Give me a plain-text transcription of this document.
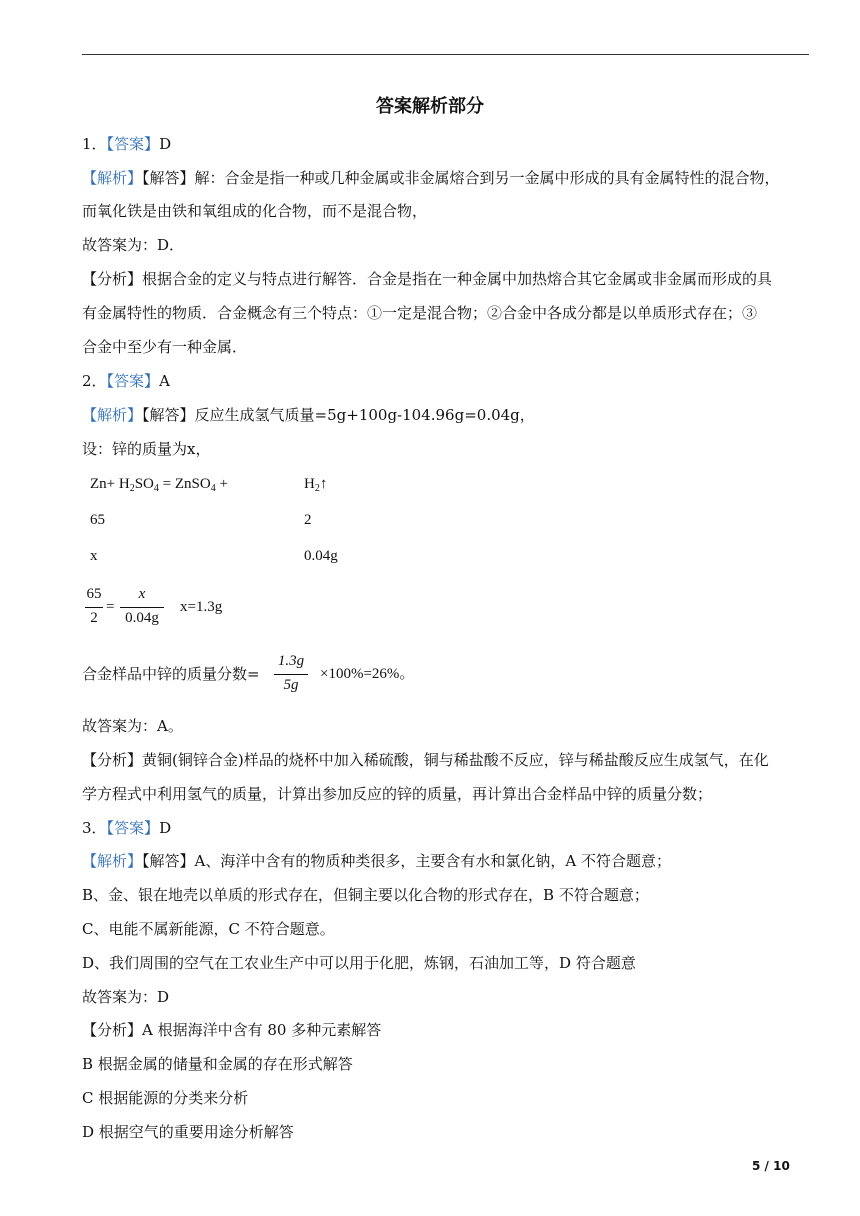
答案解析部分
1．【答案】D
【解析】【解答】解：合金是指一种或几种金属或非金属熔合到另一金属中形成的具有金属特性的混合物，
而氧化铁是由铁和氧组成的化合物，而不是混合物，
故答案为：D．
【分析】根据合金的定义与特点进行解答．合金是指在一种金属中加热熔合其它金属或非金属而形成的具
有金属特性的物质．合金概念有三个特点：①一定是混合物；②合金中各成分都是以单质形式存在；③
合金中至少有一种金属．
2．【答案】A
【解析】【解答】反应生成氢气质量=5g+100g-104.96g=0.04g，
设：锌的质量为x，
$Zn+ H_2SO_4$ = ZnSO$_4$ +	$H_2↑$
65	2
x	0.04g
65
2
=
x
0.04g
x=1.3g
合金样品中锌的质量分数=
1.3g
5g
×100%=26%。
故答案为：A。
【分析】黄铜(铜锌合金)样品的烧杯中加入稀硫酸，铜与稀盐酸不反应，锌与稀盐酸反应生成氢气，在化
学方程式中利用氢气的质量，计算出参加反应的锌的质量，再计算出合金样品中锌的质量分数；
3．【答案】D
【解析】【解答】A、海洋中含有的物质种类很多，主要含有水和氯化钠，A 不符合题意；
B、金、银在地壳以单质的形式存在，但铜主要以化合物的形式存在，B 不符合题意；
C、电能不属新能源，C 不符合题意。
D、我们周围的空气在工农业生产中可以用于化肥，炼钢，石油加工等，D 符合题意
故答案为：D
【分析】A 根据海洋中含有 80 多种元素解答
B 根据金属的储量和金属的存在形式解答
C 根据能源的分类来分析
D 根据空气的重要用途分析解答
5 / 10
